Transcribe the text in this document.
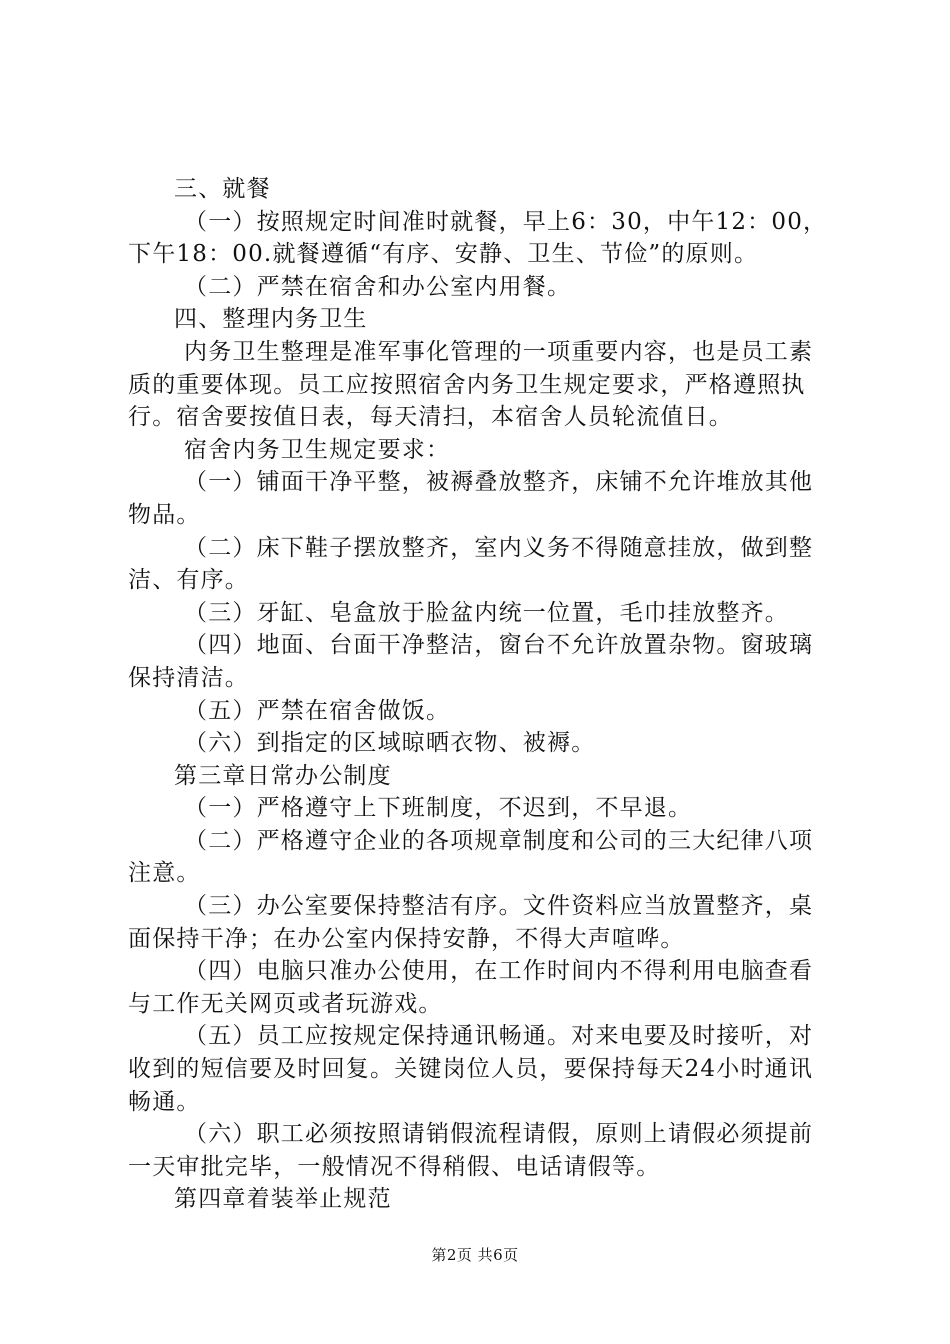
三、就餐

（一）按照规定时间准时就餐，早上6：30，中午12：00，下午18：00.就餐遵循“有序、安静、卫生、节俭”的原则。

（二）严禁在宿舍和办公室内用餐。

四、整理内务卫生

内务卫生整理是准军事化管理的一项重要内容，也是员工素质的重要体现。员工应按照宿舍内务卫生规定要求，严格遵照执行。宿舍要按值日表，每天清扫，本宿舍人员轮流值日。

宿舍内务卫生规定要求：

（一）铺面干净平整，被褥叠放整齐，床铺不允许堆放其他物品。

（二）床下鞋子摆放整齐，室内义务不得随意挂放，做到整洁、有序。

（三）牙缸、皂盒放于脸盆内统一位置，毛巾挂放整齐。

（四）地面、台面干净整洁，窗台不允许放置杂物。窗玻璃保持清洁。

（五）严禁在宿舍做饭。

（六）到指定的区域晾晒衣物、被褥。

第三章日常办公制度

（一）严格遵守上下班制度，不迟到，不早退。

（二）严格遵守企业的各项规章制度和公司的三大纪律八项注意。

（三）办公室要保持整洁有序。文件资料应当放置整齐，桌面保持干净；在办公室内保持安静，不得大声喧哗。

（四）电脑只准办公使用，在工作时间内不得利用电脑查看与工作无关网页或者玩游戏。

（五）员工应按规定保持通讯畅通。对来电要及时接听，对收到的短信要及时回复。关键岗位人员，要保持每天24小时通讯畅通。

（六）职工必须按照请销假流程请假，原则上请假必须提前一天审批完毕，一般情况不得稍假、电话请假等。

第四章着装举止规范

第2页 共6页
